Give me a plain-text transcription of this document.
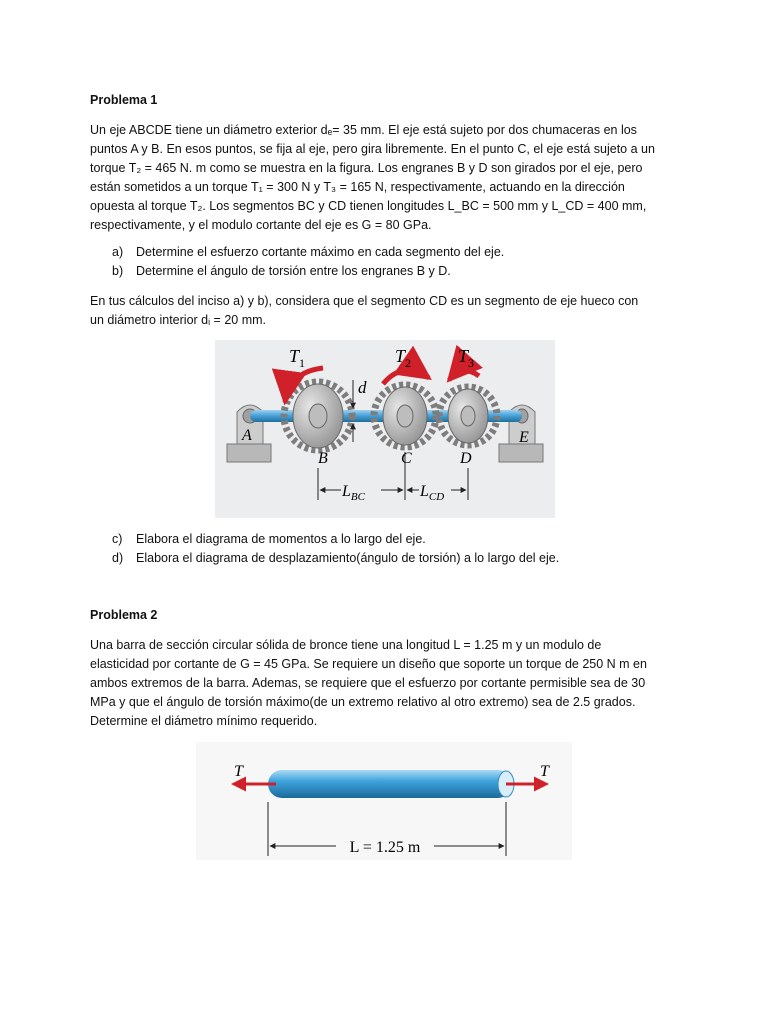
Problema 1
Un eje ABCDE tiene un diámetro exterior dₑ= 35 mm. El eje está sujeto por dos chumaceras en los
puntos A y B. En esos puntos, se fija al eje, pero gira libremente. En el punto C, el eje está sujeto a un
torque T₂ = 465 N. m como se muestra en la figura. Los engranes B y D son girados por el eje, pero
están sometidos a un torque T₁ = 300 N y T₃ = 165 N, respectivamente, actuando en la dirección
opuesta al torque T₂. Los segmentos BC y CD tienen longitudes L_BC = 500 mm y L_CD = 400 mm,
respectivamente, y el modulo cortante del eje es G = 80 GPa.
a)	Determine el esfuerzo cortante máximo en cada segmento del eje.
b)	Determine el ángulo de torsión entre los engranes B y D.
En tus cálculos del inciso a) y b), considera que el segmento CD es un segmento de eje hueco con
un diámetro interior dᵢ = 20 mm.
$T_1$	$T_2$	$T_3$
d
A
B	C	D
E
$L_{BC}$	$L_{CD}$
c)	Elabora el diagrama de momentos a lo largo del eje.
d)	Elabora el diagrama de desplazamiento(ángulo de torsión) a lo largo del eje.
Problema 2
Una barra de sección circular sólida de bronce tiene una longitud L = 1.25 m y un modulo de
elasticidad por cortante de G = 45 GPa. Se requiere un diseño que soporte un torque de 250 N m en
ambos extremos de la barra. Ademas, se requiere que el esfuerzo por cortante permisible sea de 30
MPa y que el ángulo de torsión máximo(de un extremo relativo al otro extremo) sea de 2.5 grados.
Determine el diámetro mínimo requerido.
T	T
L = 1.25 m
